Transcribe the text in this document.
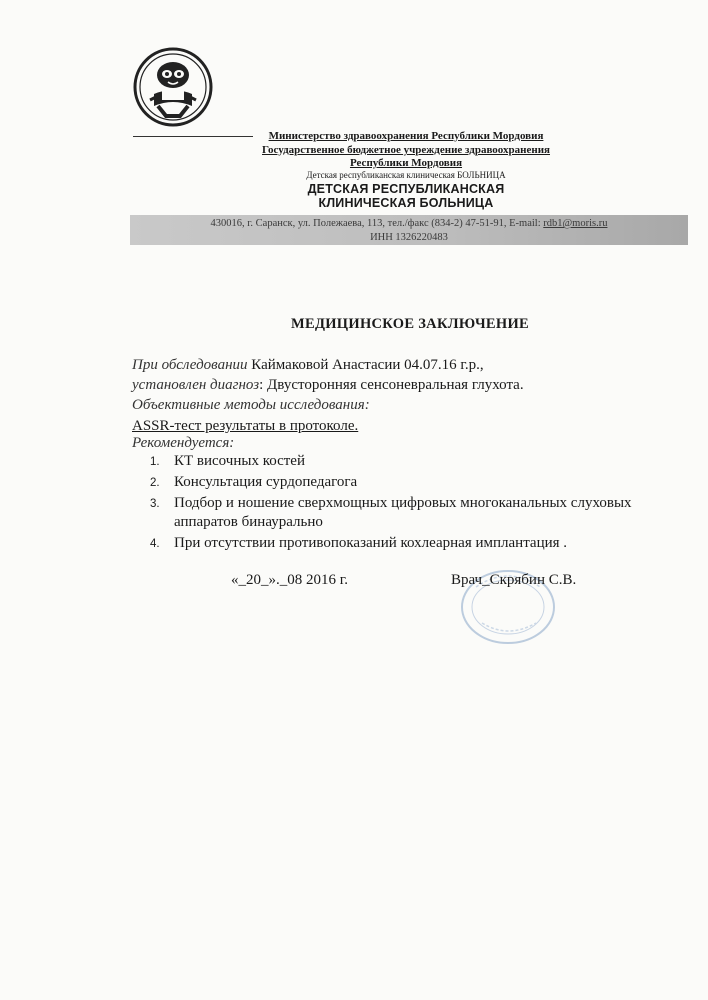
Министерство здравоохранения Республики Мордовия
Государственное бюджетное учреждение здравоохранения
Республики Мордовия
Детская республиканская клиническая БОЛЬНИЦА
ДЕТСКАЯ РЕСПУБЛИКАНСКАЯ
КЛИНИЧЕСКАЯ БОЛЬНИЦА
430016, г. Саранск, ул. Полежаева, 113, тел./факс (834-2) 47-51-91, E-mail: rdb1@moris.ru
ИНН 1326220483
МЕДИЦИНСКОЕ ЗАКЛЮЧЕНИЕ
При обследовании Каймаковой Анастасии 04.07.16 г.р.,
установлен диагноз: Двусторонняя сенсоневральная глухота.
Объективные методы исследования:
ASSR-тест результаты в протоколе.
Рекомендуется:
1. КТ височных костей
2. Консультация сурдопедагога
3. Подбор и ношение сверхмощных цифровых многоканальных слуховых аппаратов бинаурально
4. При отсутствии противопоказаний кохлеарная имплантация .
«_20_»._08 2016 г.	Врач_Скрябин С.В.
